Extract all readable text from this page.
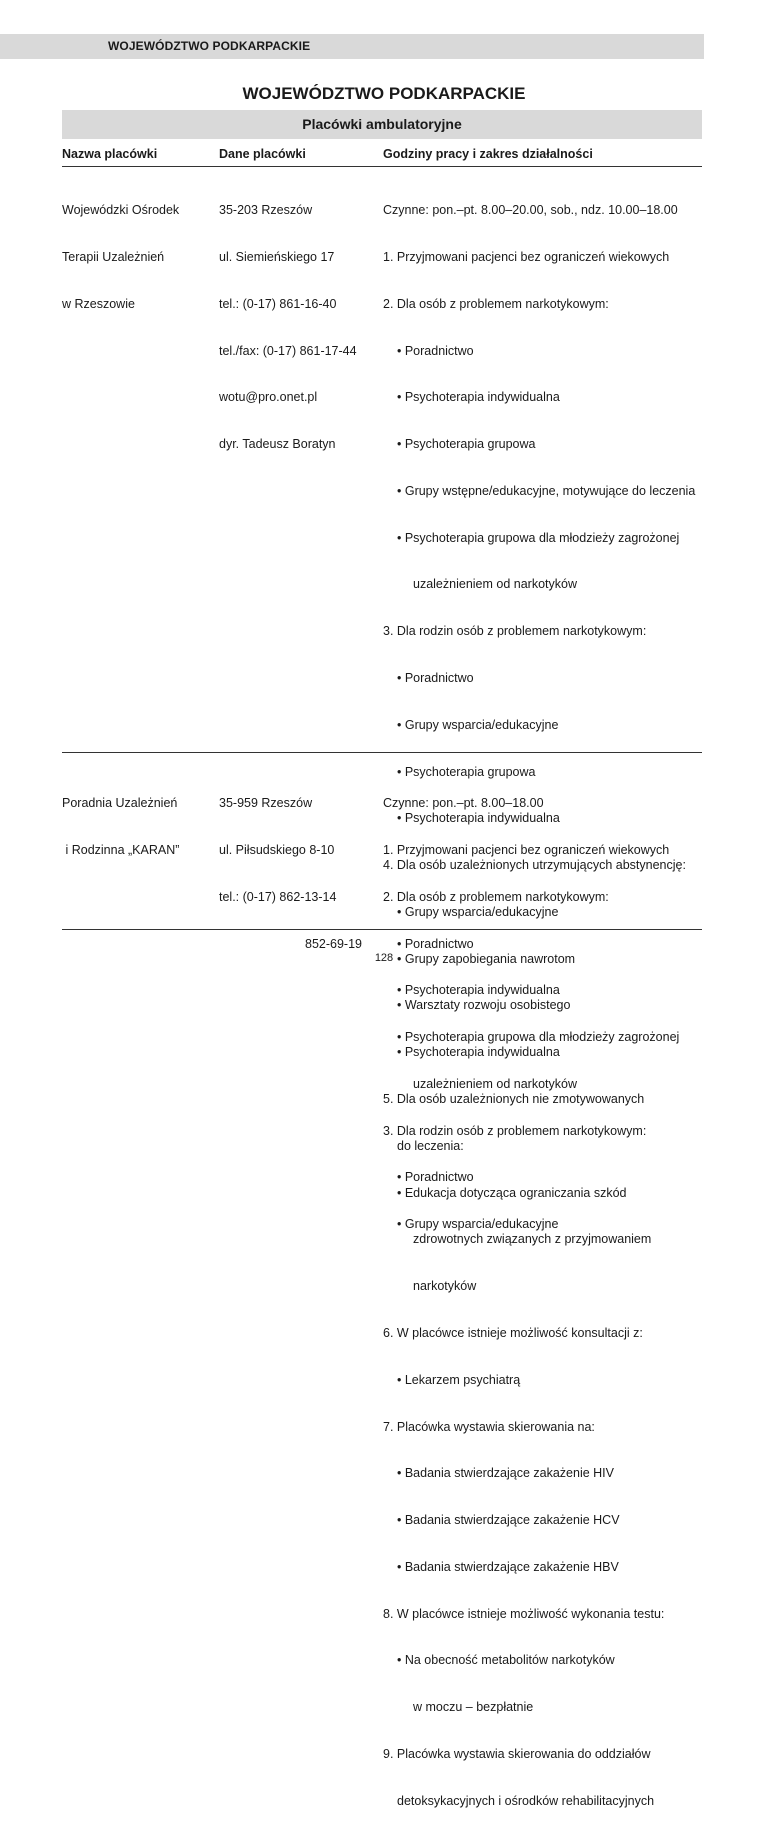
WOJEWÓDZTWO PODKARPACKIE
WOJEWÓDZTWO PODKARPACKIE
Placówki ambulatoryjne
Nazwa placówki	Dane placówki	Godziny pracy i zakres działalności

Wojewódzki Ośrodek

Terapii Uzależnień

w Rzeszowie

35-203 Rzeszów

ul. Siemieńskiego 17

tel.: (0-17) 861-16-40

tel./fax: (0-17) 861-17-44

wotu@pro.onet.pl

dyr. Tadeusz Boratyn

Czynne: pon.–pt. 8.00–20.00, sob., ndz. 10.00–18.00

1. Przyjmowani pacjenci bez ograniczeń wiekowych

2. Dla osób z problemem narkotykowym:

• Poradnictwo

• Psychoterapia indywidualna

• Psychoterapia grupowa

• Grupy wstępne/edukacyjne, motywujące do leczenia

• Psychoterapia grupowa dla młodzieży zagrożonej

uzależnieniem od narkotyków

3. Dla rodzin osób z problemem narkotykowym:

• Poradnictwo

• Grupy wsparcia/edukacyjne

• Psychoterapia grupowa

• Psychoterapia indywidualna

4. Dla osób uzależnionych utrzymujących abstynencję:

• Grupy wsparcia/edukacyjne

• Grupy zapobiegania nawrotom

• Warsztaty rozwoju osobistego

• Psychoterapia indywidualna

5. Dla osób uzależnionych nie zmotywowanych

do leczenia:

• Edukacja dotycząca ograniczania szkód

zdrowotnych związanych z przyjmowaniem

narkotyków

6. W placówce istnieje możliwość konsultacji z:

• Lekarzem psychiatrą

7. Placówka wystawia skierowania na:

• Badania stwierdzające zakażenie HIV

• Badania stwierdzające zakażenie HCV

• Badania stwierdzające zakażenie HBV

8. W placówce istnieje możliwość wykonania testu:

• Na obecność metabolitów narkotyków

w moczu – bezpłatnie

9. Placówka wystawia skierowania do oddziałów

detoksykacyjnych i ośrodków rehabilitacyjnych

Poradnia Uzależnień

i Rodzinna „KARAN”

35-959 Rzeszów

ul. Piłsudskiego 8-10

tel.: (0-17) 862-13-14

852-69-19

Czynne: pon.–pt. 8.00–18.00

1. Przyjmowani pacjenci bez ograniczeń wiekowych

2. Dla osób z problemem narkotykowym:

• Poradnictwo

• Psychoterapia indywidualna

• Psychoterapia grupowa dla młodzieży zagrożonej

uzależnieniem od narkotyków

3. Dla rodzin osób z problemem narkotykowym:

• Poradnictwo

• Grupy wsparcia/edukacyjne

128
